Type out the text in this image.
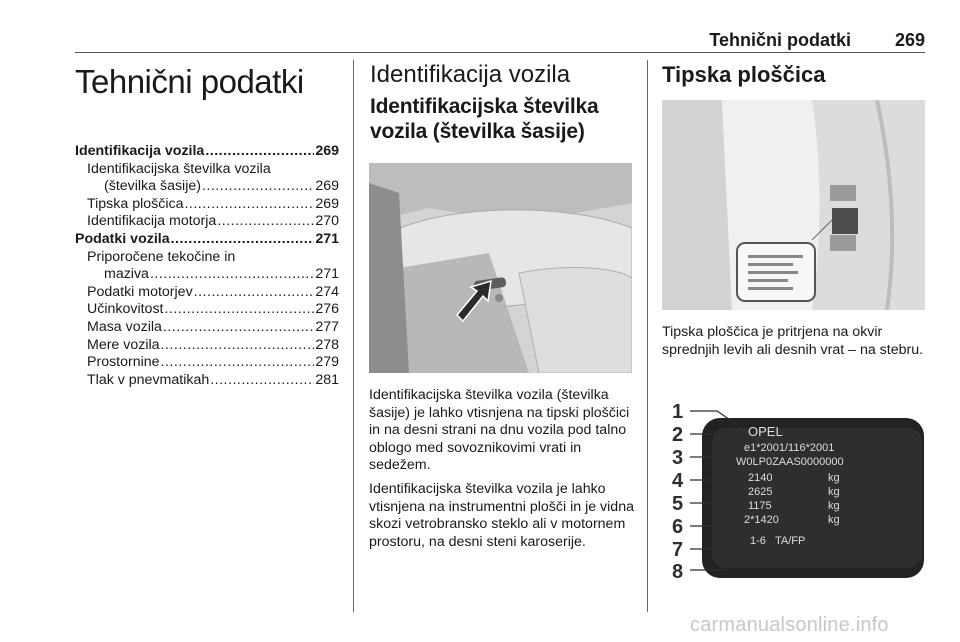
Tehnični podatki 269
Tehnični podatki
Identifikacija vozila .....	269
Identifikacijska številka vozila
(številka šasije) .....	269
Tipska ploščica .....	269
Identifikacija motorja .....	270
Podatki vozila .....	271
Priporočene tekočine in
maziva .....	271
Podatki motorjev .....	274
Učinkovitost .....	276
Masa vozila .....	277
Mere vozila .....	278
Prostornine .....	279
Tlak v pnevmatikah .....	281
Identifikacija vozila
Identifikacijska številka
vozila (številka šasije)

Identifikacijska številka vozila (številka šasije) je lahko vtisnjena na tipski ploščici in na desni strani na dnu vozila pod talno oblogo med sovoznikovimi vrati in sedežem.

Identifikacijska številka vozila je lahko vtisnjena na instrumentni plošči in je vidna skozi vetrobransko steklo ali v motornem prostoru, na desni steni karoserije.

Tipska ploščica

Tipska ploščica je pritrjena na okvir sprednjih levih ali desnih vrat – na stebru.

1
2
3
4
5
6
7
8
OPEL
e1*2001/116*2001
W0LP0ZAAS0000000
2140
2625
1175
2*1420
kg
kg
kg
kg
1-6 TA/FP
carmanualsonline.info
